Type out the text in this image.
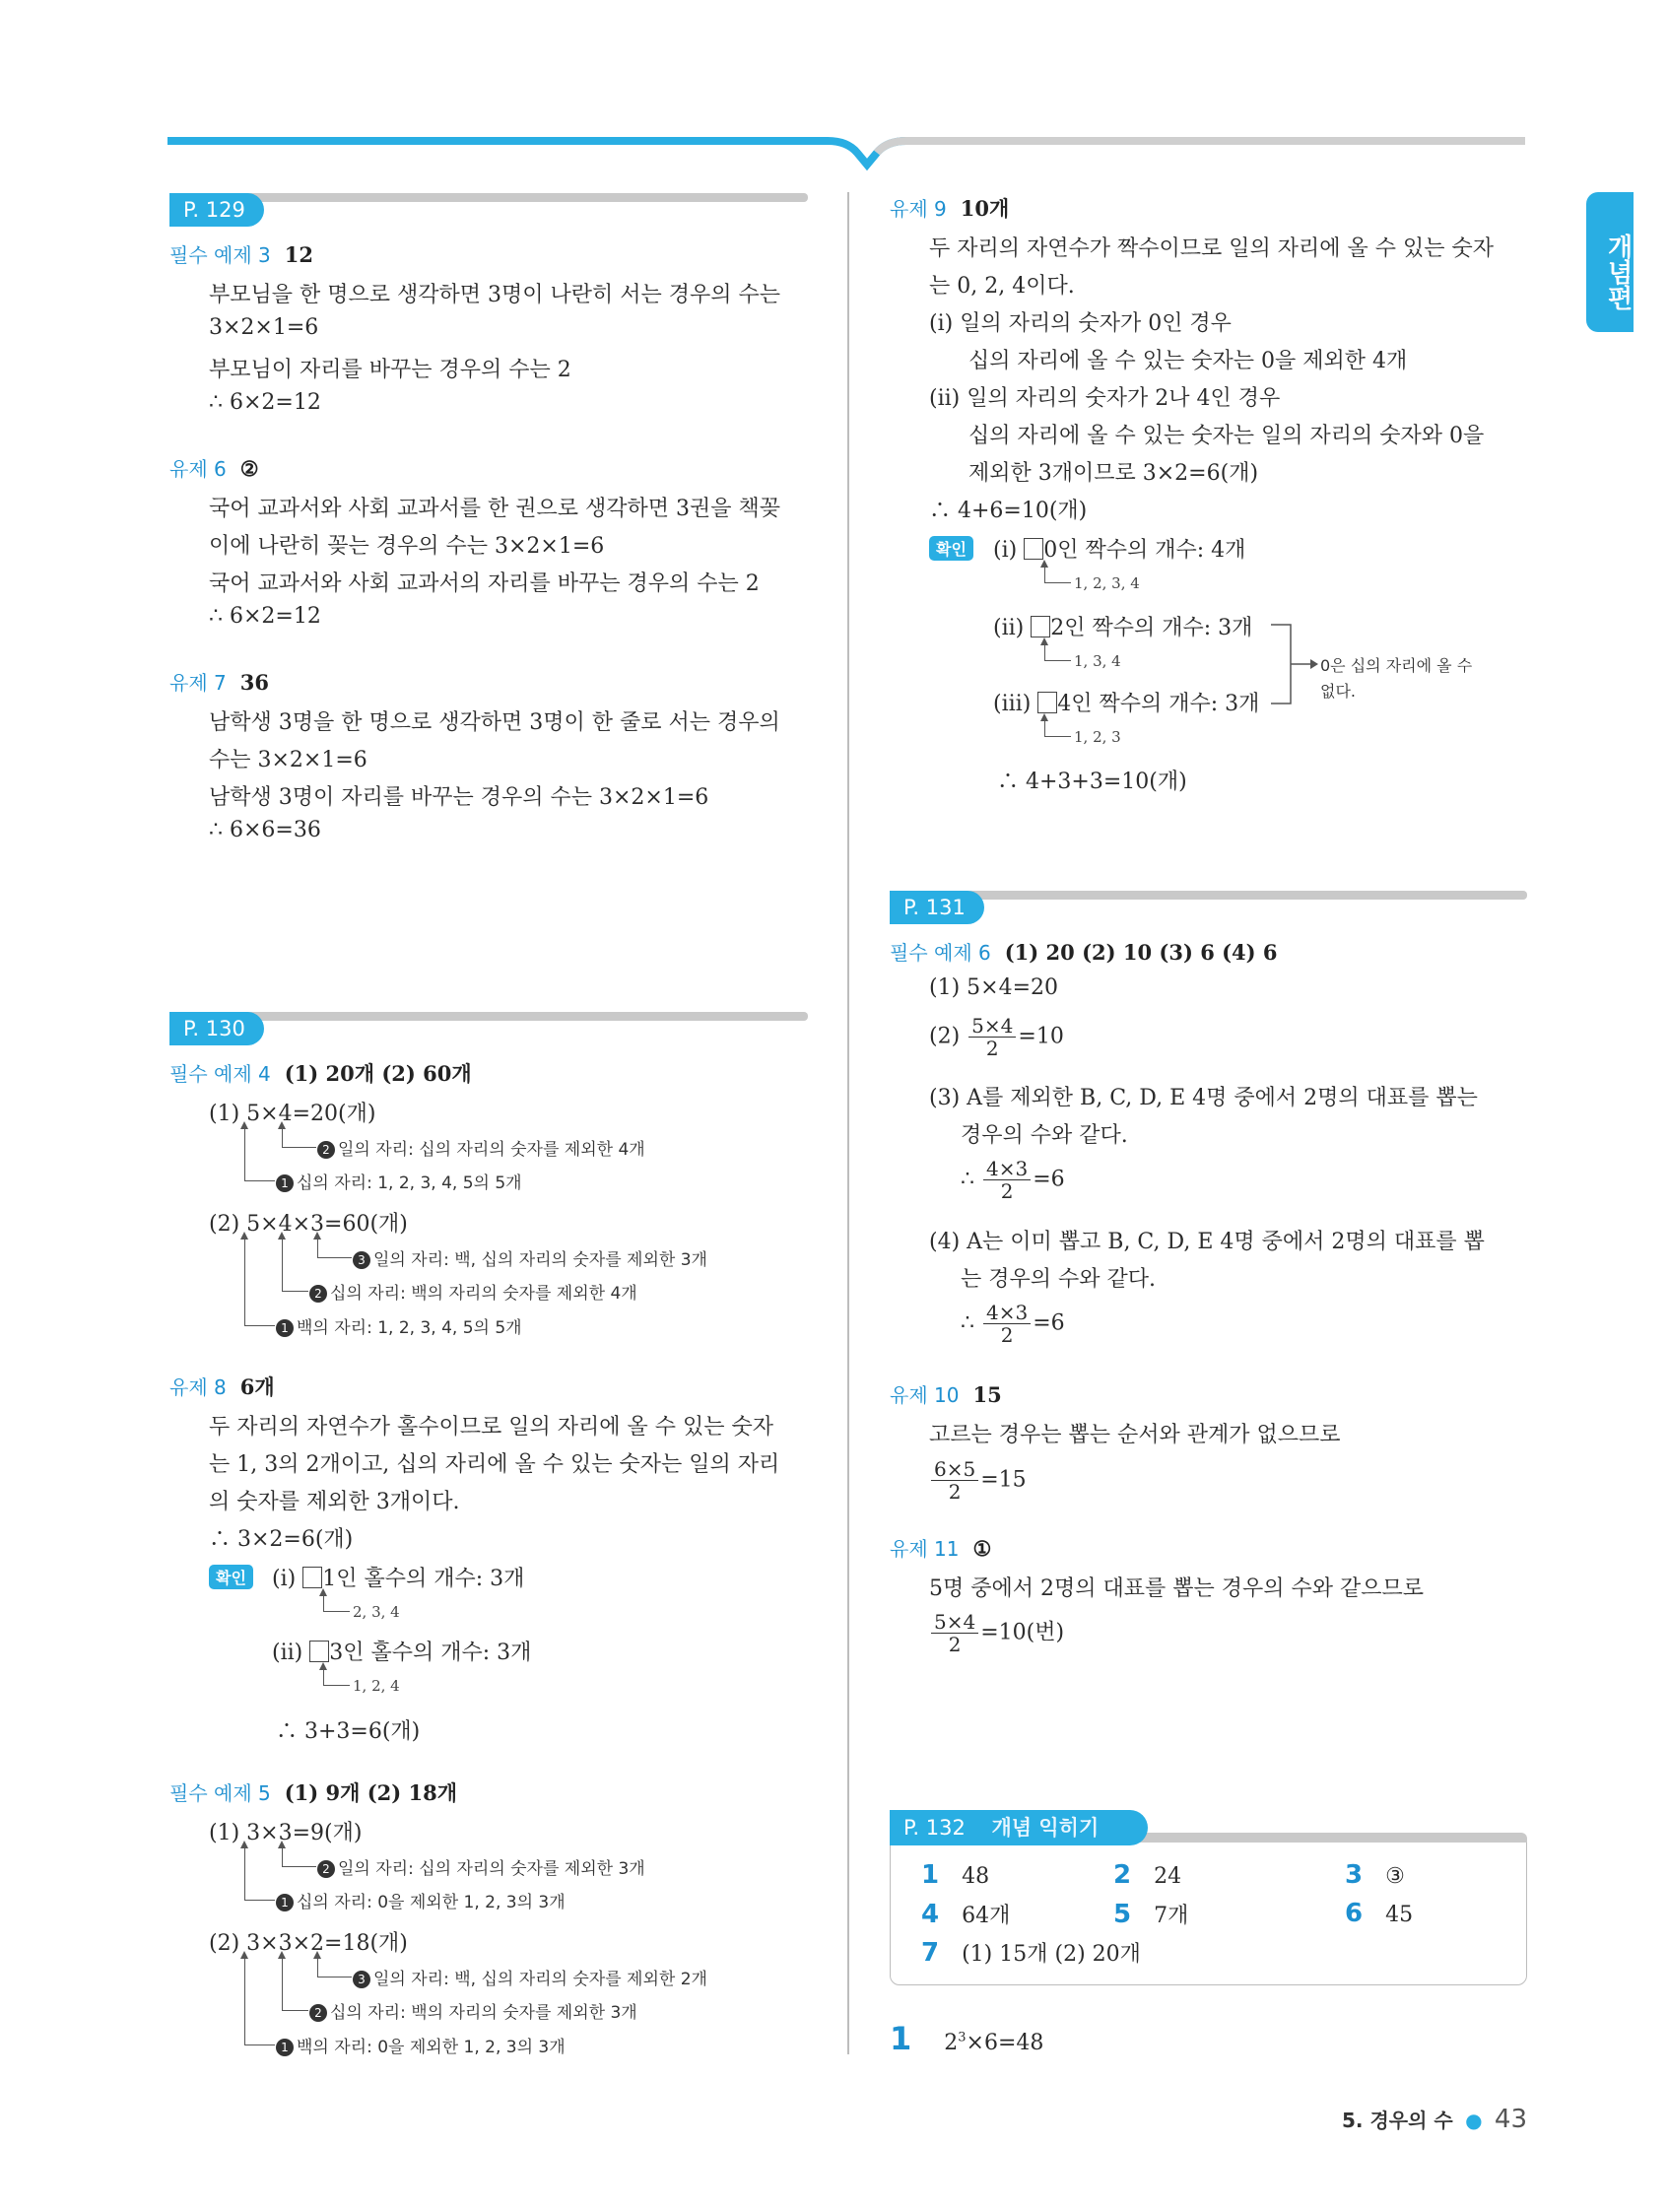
개념편
P. 129
필수 예제 3 12
부모님을 한 명으로 생각하면 3명이 나란히 서는 경우의 수는
3×2×1=6
부모님이 자리를 바꾸는 경우의 수는 2
∴ 6×2=12
유제 6 ②
국어 교과서와 사회 교과서를 한 권으로 생각하면 3권을 책꽂
이에 나란히 꽂는 경우의 수는 3×2×1=6
국어 교과서와 사회 교과서의 자리를 바꾸는 경우의 수는 2
∴ 6×2=12
유제 7 36
남학생 3명을 한 명으로 생각하면 3명이 한 줄로 서는 경우의
수는 3×2×1=6
남학생 3명이 자리를 바꾸는 경우의 수는 3×2×1=6
∴ 6×6=36
P. 130
필수 예제 4 (1) 20개 (2) 60개
(1) 5×4=20(개)
2 일의 자리: 십의 자리의 숫자를 제외한 4개
1 십의 자리: 1, 2, 3, 4, 5의 5개
(2) 5×4×3=60(개)
3 일의 자리: 백, 십의 자리의 숫자를 제외한 3개
2 십의 자리: 백의 자리의 숫자를 제외한 4개
1 백의 자리: 1, 2, 3, 4, 5의 5개
유제 8 6개
두 자리의 자연수가 홀수이므로 일의 자리에 올 수 있는 숫자
는 1, 3의 2개이고, 십의 자리에 올 수 있는 숫자는 일의 자리
의 숫자를 제외한 3개이다.
∴ 3×2=6(개)
확인	(ⅰ) 1인 홀수의 개수: 3개
2, 3, 4
(ⅱ) 3인 홀수의 개수: 3개
1, 2, 4
∴ 3+3=6(개)
필수 예제 5 (1) 9개 (2) 18개
(1) 3×3=9(개)
2 일의 자리: 십의 자리의 숫자를 제외한 3개
1 십의 자리: 0을 제외한 1, 2, 3의 3개
(2) 3×3×2=18(개)
3 일의 자리: 백, 십의 자리의 숫자를 제외한 2개
2 십의 자리: 백의 자리의 숫자를 제외한 3개
1 백의 자리: 0을 제외한 1, 2, 3의 3개
유제 9 10개
두 자리의 자연수가 짝수이므로 일의 자리에 올 수 있는 숫자
는 0, 2, 4이다.
(ⅰ) 일의 자리의 숫자가 0인 경우
십의 자리에 올 수 있는 숫자는 0을 제외한 4개
(ⅱ) 일의 자리의 숫자가 2나 4인 경우
십의 자리에 올 수 있는 숫자는 일의 자리의 숫자와 0을
제외한 3개이므로 3×2=6(개)
∴ 4+6=10(개)
확인	(ⅰ) 0인 짝수의 개수: 4개
1, 2, 3, 4
(ⅱ) 2인 짝수의 개수: 3개
1, 3, 4
(ⅲ) 4인 짝수의 개수: 3개
1, 2, 3
0은 십의 자리에 올 수
없다.
∴ 4+3+3=10(개)
P. 131
필수 예제 6 (1) 20 (2) 10 (3) 6 (4) 6
(1) 5×4=20
$(2) \frac{5\times 4}{2} =10$
(3) A를 제외한 B, C, D, E 4명 중에서 2명의 대표를 뽑는
경우의 수와 같다.
∴ $\frac{4\times 3}{2} =6$
(4) A는 이미 뽑고 B, C, D, E 4명 중에서 2명의 대표를 뽑
는 경우의 수와 같다.
∴ $\frac{4\times 3}{2} =6$
유제 10 15
고르는 경우는 뽑는 순서와 관계가 없으므로
$\frac{6\times 5}{2} =15$
유제 11 ①
5명 중에서 2명의 대표를 뽑는 경우의 수와 같으므로
$\frac{5\times 4}{2} =10$(번)
P. 132 개념 익히기
1 48	2 24	3 ③
4 64개	5 7개	6 45
7 (1) 15개 (2) 20개
1 $2^3\times 6=48$
5. 경우의 수 ● 43
